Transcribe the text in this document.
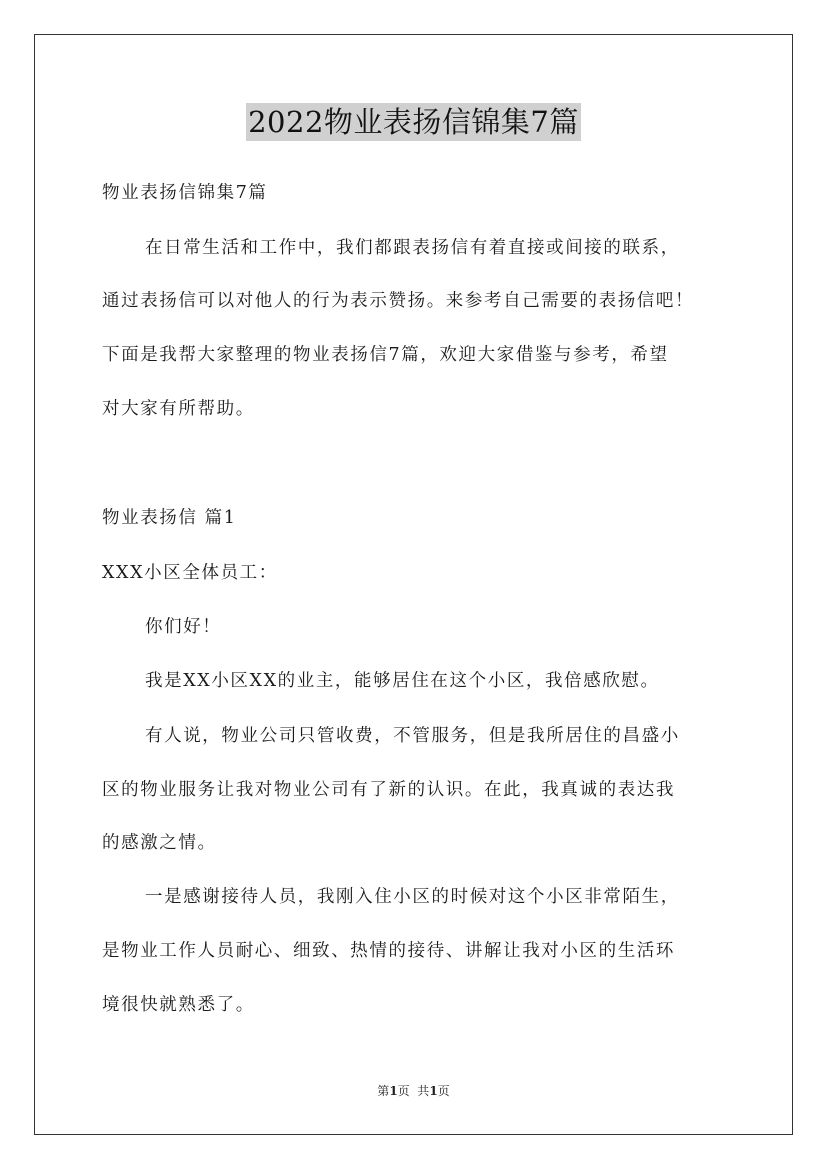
2022物业表扬信锦集7篇
物业表扬信锦集7篇
在日常生活和工作中，我们都跟表扬信有着直接或间接的联系，
通过表扬信可以对他人的行为表示赞扬。来参考自己需要的表扬信吧！
下面是我帮大家整理的物业表扬信7篇，欢迎大家借鉴与参考，希望
对大家有所帮助。
物业表扬信 篇1
XXX小区全体员工：
你们好！
我是XX小区XX的业主，能够居住在这个小区，我倍感欣慰。
有人说，物业公司只管收费，不管服务，但是我所居住的昌盛小
区的物业服务让我对物业公司有了新的认识。在此，我真诚的表达我
的感激之情。
一是感谢接待人员，我刚入住小区的时候对这个小区非常陌生，
是物业工作人员耐心、细致、热情的接待、讲解让我对小区的生活环
境很快就熟悉了。
第1页  共1页
